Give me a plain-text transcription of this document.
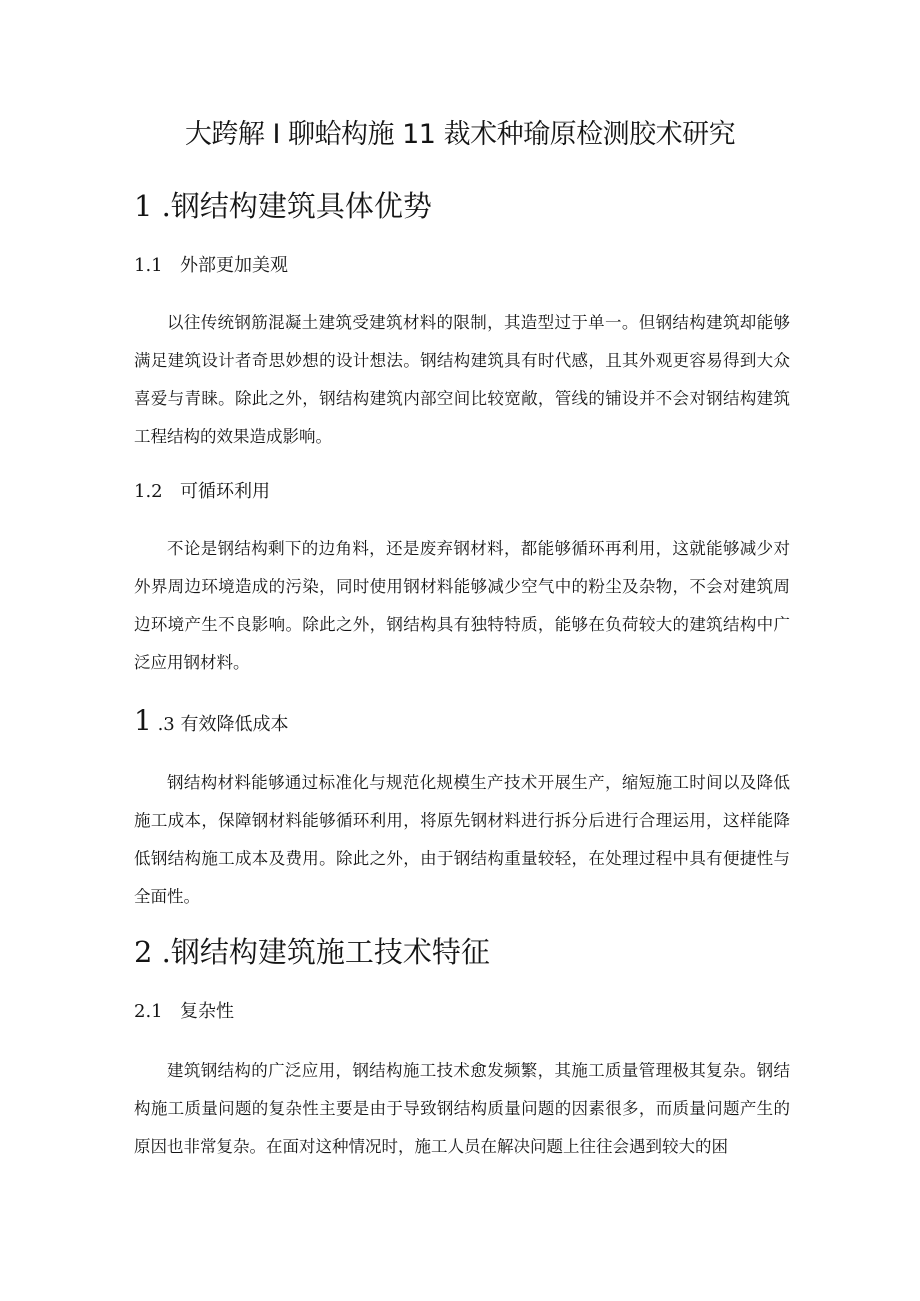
大跨解 I 聊蛤构施 11 裁术种瑜原检测胶术研究
1 .钢结构建筑具体优势
1.1 外部更加美观

以往传统钢筋混凝土建筑受建筑材料的限制，其造型过于单一。但钢结构建筑却能够满足建筑设计者奇思妙想的设计想法。钢结构建筑具有时代感，且其外观更容易得到大众喜爱与青睐。除此之外，钢结构建筑内部空间比较宽敞，管线的铺设并不会对钢结构建筑工程结构的效果造成影响。

1.2 可循环利用

不论是钢结构剩下的边角料，还是废弃钢材料，都能够循环再利用，这就能够减少对外界周边环境造成的污染，同时使用钢材料能够减少空气中的粉尘及杂物，不会对建筑周边环境产生不良影响。除此之外，钢结构具有独特特质，能够在负荷较大的建筑结构中广泛应用钢材料。

1 .3 有效降低成本

钢结构材料能够通过标准化与规范化规模生产技术开展生产，缩短施工时间以及降低施工成本，保障钢材料能够循环利用，将原先钢材料进行拆分后进行合理运用，这样能降低钢结构施工成本及费用。除此之外，由于钢结构重量较轻，在处理过程中具有便捷性与全面性。

2 .钢结构建筑施工技术特征
2.1 复杂性

建筑钢结构的广泛应用，钢结构施工技术愈发频繁，其施工质量管理极其复杂。钢结构施工质量问题的复杂性主要是由于导致钢结构质量问题的因素很多，而质量问题产生的原因也非常复杂。在面对这种情况时，施工人员在解决问题上往往会遇到较大的困
